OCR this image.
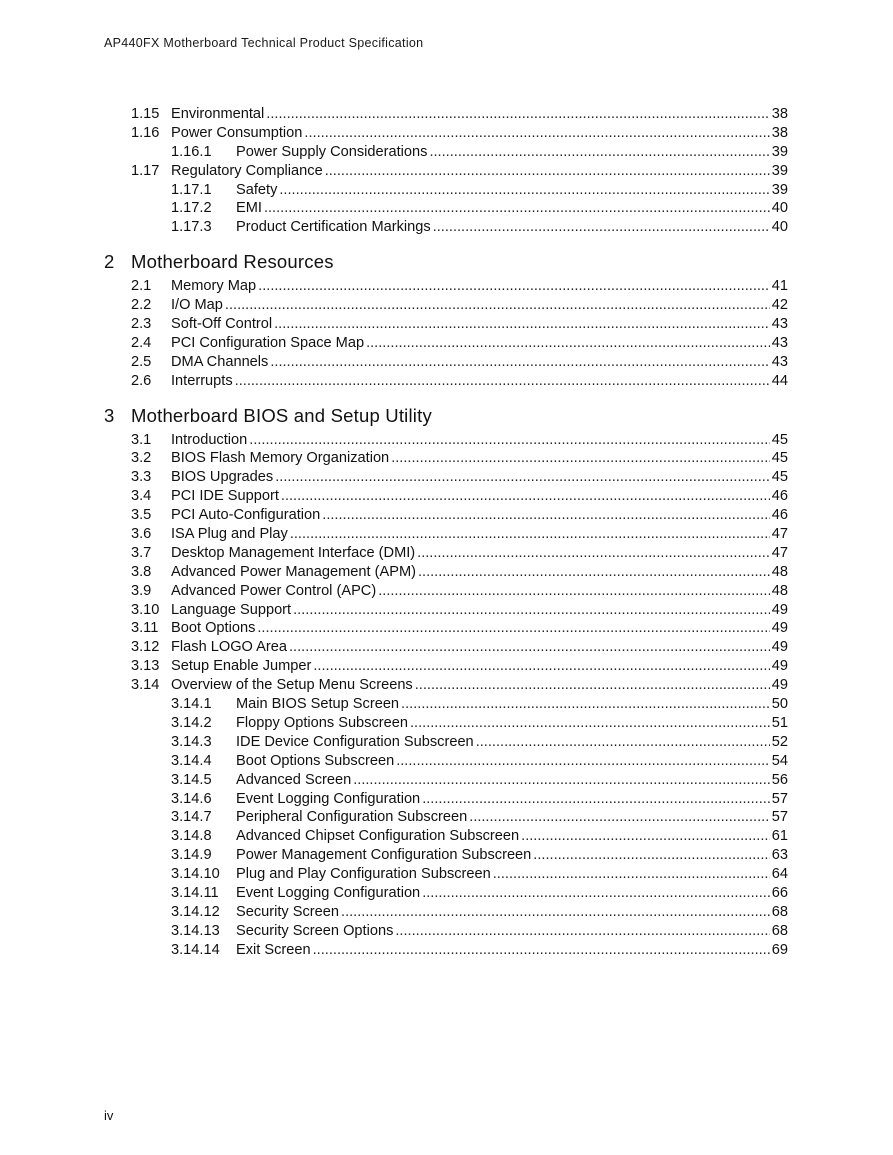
AP440FX Motherboard Technical Product Specification
1.15 Environmental .....	38
1.16 Power Consumption .....	38
1.16.1 Power Supply Considerations .....	39
1.17 Regulatory Compliance .....	39
1.17.1 Safety .....	39
1.17.2 EMI .....	40
1.17.3 Product Certification Markings .....	40
2 Motherboard Resources
2.1 Memory Map .....	41
2.2 I/O Map .....	42
2.3 Soft-Off Control .....	43
2.4 PCI Configuration Space Map .....	43
2.5 DMA Channels .....	43
2.6 Interrupts .....	44
3 Motherboard BIOS and Setup Utility
3.1 Introduction .....	45
3.2 BIOS Flash Memory Organization .....	45
3.3 BIOS Upgrades .....	45
3.4 PCI IDE Support .....	46
3.5 PCI Auto-Configuration .....	46
3.6 ISA Plug and Play .....	47
3.7 Desktop Management Interface (DMI) .....	47
3.8 Advanced Power Management (APM) .....	48
3.9 Advanced Power Control (APC) .....	48
3.10 Language Support .....	49
3.11 Boot Options .....	49
3.12 Flash LOGO Area .....	49
3.13 Setup Enable Jumper .....	49
3.14 Overview of the Setup Menu Screens .....	49
3.14.1 Main BIOS Setup Screen .....	50
3.14.2 Floppy Options Subscreen .....	51
3.14.3 IDE Device Configuration Subscreen .....	52
3.14.4 Boot Options Subscreen .....	54
3.14.5 Advanced Screen .....	56
3.14.6 Event Logging Configuration .....	57
3.14.7 Peripheral Configuration Subscreen .....	57
3.14.8 Advanced Chipset Configuration Subscreen .....	61
3.14.9 Power Management Configuration Subscreen .....	63
3.14.10 Plug and Play Configuration Subscreen .....	64
3.14.11 Event Logging Configuration .....	66
3.14.12 Security Screen .....	68
3.14.13 Security Screen Options .....	68
3.14.14 Exit Screen .....	69
iv
